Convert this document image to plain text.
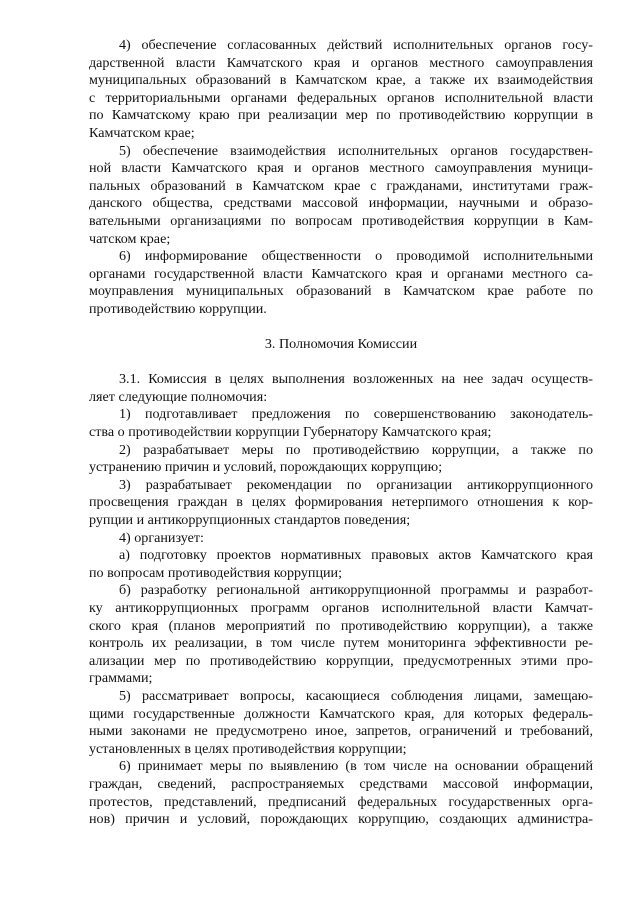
4) обеспечение согласованных действий исполнительных органов госу-
дарственной власти Камчатского края и органов местного самоуправления
муниципальных образований в Камчатском крае, а также их взаимодействия
с территориальными органами федеральных органов исполнительной власти
по Камчатскому краю при реализации мер по противодействию коррупции в
Камчатском крае;
5) обеспечение взаимодействия исполнительных органов государствен-
ной власти Камчатского края и органов местного самоуправления муници-
пальных образований в Камчатском крае с гражданами, институтами граж-
данского общества, средствами массовой информации, научными и образо-
вательными организациями по вопросам противодействия коррупции в Кам-
чатском крае;
6) информирование общественности о проводимой исполнительными
органами государственной власти Камчатского края и органами местного са-
моуправления муниципальных образований в Камчатском крае работе по
противодействию коррупции.
3. Полномочия Комиссии
3.1. Комиссия в целях выполнения возложенных на нее задач осуществ-
ляет следующие полномочия:
1) подготавливает предложения по совершенствованию законодатель-
ства о противодействии коррупции Губернатору Камчатского края;
2) разрабатывает меры по противодействию коррупции, а также по
устранению причин и условий, порождающих коррупцию;
3) разрабатывает рекомендации по организации антикоррупционного
просвещения граждан в целях формирования нетерпимого отношения к кор-
рупции и антикоррупционных стандартов поведения;
4) организует:
а) подготовку проектов нормативных правовых актов Камчатского края
по вопросам противодействия коррупции;
б) разработку региональной антикоррупционной программы и разработ-
ку антикоррупционных программ органов исполнительной власти Камчат-
ского края (планов мероприятий по противодействию коррупции), а также
контроль их реализации, в том числе путем мониторинга эффективности ре-
ализации мер по противодействию коррупции, предусмотренных этими про-
граммами;
5) рассматривает вопросы, касающиеся соблюдения лицами, замещаю-
щими государственные должности Камчатского края, для которых федераль-
ными законами не предусмотрено иное, запретов, ограничений и требований,
установленных в целях противодействия коррупции;
6) принимает меры по выявлению (в том числе на основании обращений
граждан, сведений, распространяемых средствами массовой информации,
протестов, представлений, предписаний федеральных государственных орга-
нов) причин и условий, порождающих коррупцию, создающих администра-
